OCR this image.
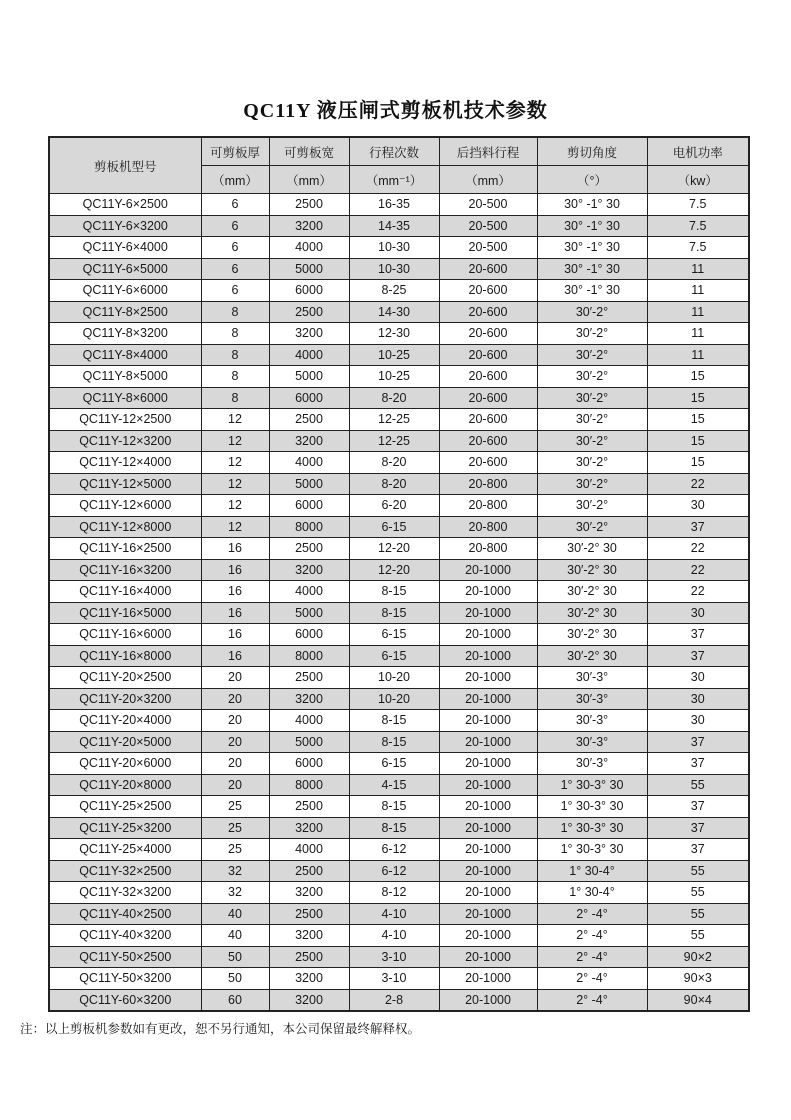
QC11Y 液压闸式剪板机技术参数
剪板机型号	可剪板厚	可剪板宽	行程次数	后挡料行程	剪切角度	电机功率
	（mm）	（mm）	（mm⁻¹）	（mm）	（°）	（kw）
QC11Y-6×2500	6	2500	16-35	20-500	30° -1° 30	7.5
QC11Y-6×3200	6	3200	14-35	20-500	30° -1° 30	7.5
QC11Y-6×4000	6	4000	10-30	20-500	30° -1° 30	7.5
QC11Y-6×5000	6	5000	10-30	20-600	30° -1° 30	11
QC11Y-6×6000	6	6000	8-25	20-600	30° -1° 30	11
QC11Y-8×2500	8	2500	14-30	20-600	30′-2°	11
QC11Y-8×3200	8	3200	12-30	20-600	30′-2°	11
QC11Y-8×4000	8	4000	10-25	20-600	30′-2°	11
QC11Y-8×5000	8	5000	10-25	20-600	30′-2°	15
QC11Y-8×6000	8	6000	8-20	20-600	30′-2°	15
QC11Y-12×2500	12	2500	12-25	20-600	30′-2°	15
QC11Y-12×3200	12	3200	12-25	20-600	30′-2°	15
QC11Y-12×4000	12	4000	8-20	20-600	30′-2°	15
QC11Y-12×5000	12	5000	8-20	20-800	30′-2°	22
QC11Y-12×6000	12	6000	6-20	20-800	30′-2°	30
QC11Y-12×8000	12	8000	6-15	20-800	30′-2°	37
QC11Y-16×2500	16	2500	12-20	20-800	30′-2° 30	22
QC11Y-16×3200	16	3200	12-20	20-1000	30′-2° 30	22
QC11Y-16×4000	16	4000	8-15	20-1000	30′-2° 30	22
QC11Y-16×5000	16	5000	8-15	20-1000	30′-2° 30	30
QC11Y-16×6000	16	6000	6-15	20-1000	30′-2° 30	37
QC11Y-16×8000	16	8000	6-15	20-1000	30′-2° 30	37
QC11Y-20×2500	20	2500	10-20	20-1000	30′-3°	30
QC11Y-20×3200	20	3200	10-20	20-1000	30′-3°	30
QC11Y-20×4000	20	4000	8-15	20-1000	30′-3°	30
QC11Y-20×5000	20	5000	8-15	20-1000	30′-3°	37
QC11Y-20×6000	20	6000	6-15	20-1000	30′-3°	37
QC11Y-20×8000	20	8000	4-15	20-1000	1° 30-3° 30	55
QC11Y-25×2500	25	2500	8-15	20-1000	1° 30-3° 30	37
QC11Y-25×3200	25	3200	8-15	20-1000	1° 30-3° 30	37
QC11Y-25×4000	25	4000	6-12	20-1000	1° 30-3° 30	37
QC11Y-32×2500	32	2500	6-12	20-1000	1° 30-4°	55
QC11Y-32×3200	32	3200	8-12	20-1000	1° 30-4°	55
QC11Y-40×2500	40	2500	4-10	20-1000	2° -4°	55
QC11Y-40×3200	40	3200	4-10	20-1000	2° -4°	55
QC11Y-50×2500	50	2500	3-10	20-1000	2° -4°	90×2
QC11Y-50×3200	50	3200	3-10	20-1000	2° -4°	90×3
QC11Y-60×3200	60	3200	2-8	20-1000	2° -4°	90×4
注：以上剪板机参数如有更改，恕不另行通知，本公司保留最终解释权。
